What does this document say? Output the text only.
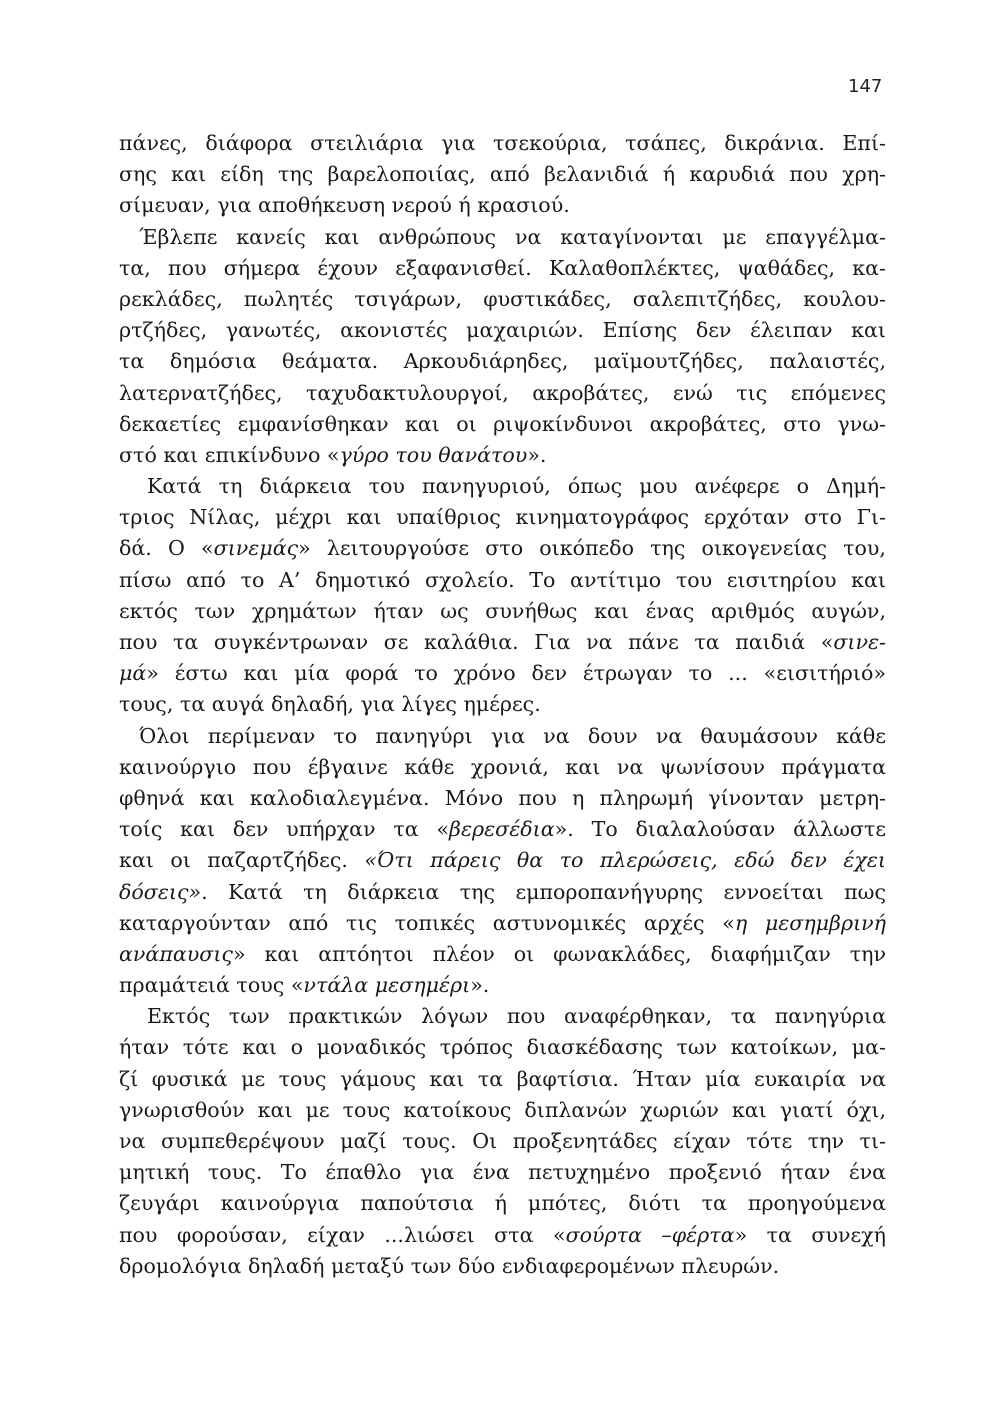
147
πάνες, διάφορα στειλιάρια για τσεκούρια, τσάπες, δικράνια. Επί-
σης και είδη της βαρελοποιίας, από βελανιδιά ή καρυδιά που χρη-
σίμευαν, για αποθήκευση νερού ή κρασιού.
Έβλεπε κανείς και ανθρώπους να καταγίνονται με επαγγέλμα-
τα, που σήμερα έχουν εξαφανισθεί. Καλαθοπλέκτες, ψαθάδες, κα-
ρεκλάδες, πωλητές τσιγάρων, φυστικάδες, σαλεπιτζήδες, κουλου-
ρτζήδες, γανωτές, ακονιστές μαχαιριών. Επίσης δεν έλειπαν και
τα δημόσια θεάματα. Αρκουδιάρηδες, μαϊμουτζήδες, παλαιστές,
λατερνατζήδες, ταχυδακτυλουργοί, ακροβάτες, ενώ τις επόμενες
δεκαετίες εμφανίσθηκαν και οι ριψοκίνδυνοι ακροβάτες, στο γνω-
στό και επικίνδυνο «γύρο του θανάτου».
Κατά τη διάρκεια του πανηγυριού, όπως μου ανέφερε ο Δημή-
τριος Νίλας, μέχρι και υπαίθριος κινηματογράφος ερχόταν στο Γι-
δά. Ο «σινεμάς» λειτουργούσε στο οικόπεδο της οικογενείας του,
πίσω από το Α’ δημοτικό σχολείο. Το αντίτιμο του εισιτηρίου και
εκτός των χρημάτων ήταν ως συνήθως και ένας αριθμός αυγών,
που τα συγκέντρωναν σε καλάθια. Για να πάνε τα παιδιά «σινε-
μά» έστω και μία φορά το χρόνο δεν έτρωγαν το ... «εισιτήριό»
τους, τα αυγά δηλαδή, για λίγες ημέρες.
Όλοι περίμεναν το πανηγύρι για να δουν να θαυμάσουν κάθε
καινούργιο που έβγαινε κάθε χρονιά, και να ψωνίσουν πράγματα
φθηνά και καλοδιαλεγμένα. Μόνο που η πληρωμή γίνονταν μετρη-
τοίς και δεν υπήρχαν τα «βερεσέδια». Το διαλαλούσαν άλλωστε
και οι παζαρτζήδες. «Ότι πάρεις θα το πλερώσεις, εδώ δεν έχει
δόσεις». Κατά τη διάρκεια της εμποροπανήγυρης εννοείται πως
καταργούνταν από τις τοπικές αστυνομικές αρχές «η μεσημβρινή
ανάπαυσις» και απτόητοι πλέον οι φωνακλάδες, διαφήμιζαν την
πραμάτειά τους «ντάλα μεσημέρι».
Εκτός των πρακτικών λόγων που αναφέρθηκαν, τα πανηγύρια
ήταν τότε και ο μοναδικός τρόπος διασκέδασης των κατοίκων, μα-
ζί φυσικά με τους γάμους και τα βαφτίσια. Ήταν μία ευκαιρία να
γνωρισθούν και με τους κατοίκους διπλανών χωριών και γιατί όχι,
να συμπεθερέψουν μαζί τους. Οι προξενητάδες είχαν τότε την τι-
μητική τους. Το έπαθλο για ένα πετυχημένο προξενιό ήταν ένα
ζευγάρι καινούργια παπούτσια ή μπότες, διότι τα προηγούμενα
που φορούσαν, είχαν ...λιώσει στα «σούρτα –φέρτα» τα συνεχή
δρομολόγια δηλαδή μεταξύ των δύο ενδιαφερομένων πλευρών.
